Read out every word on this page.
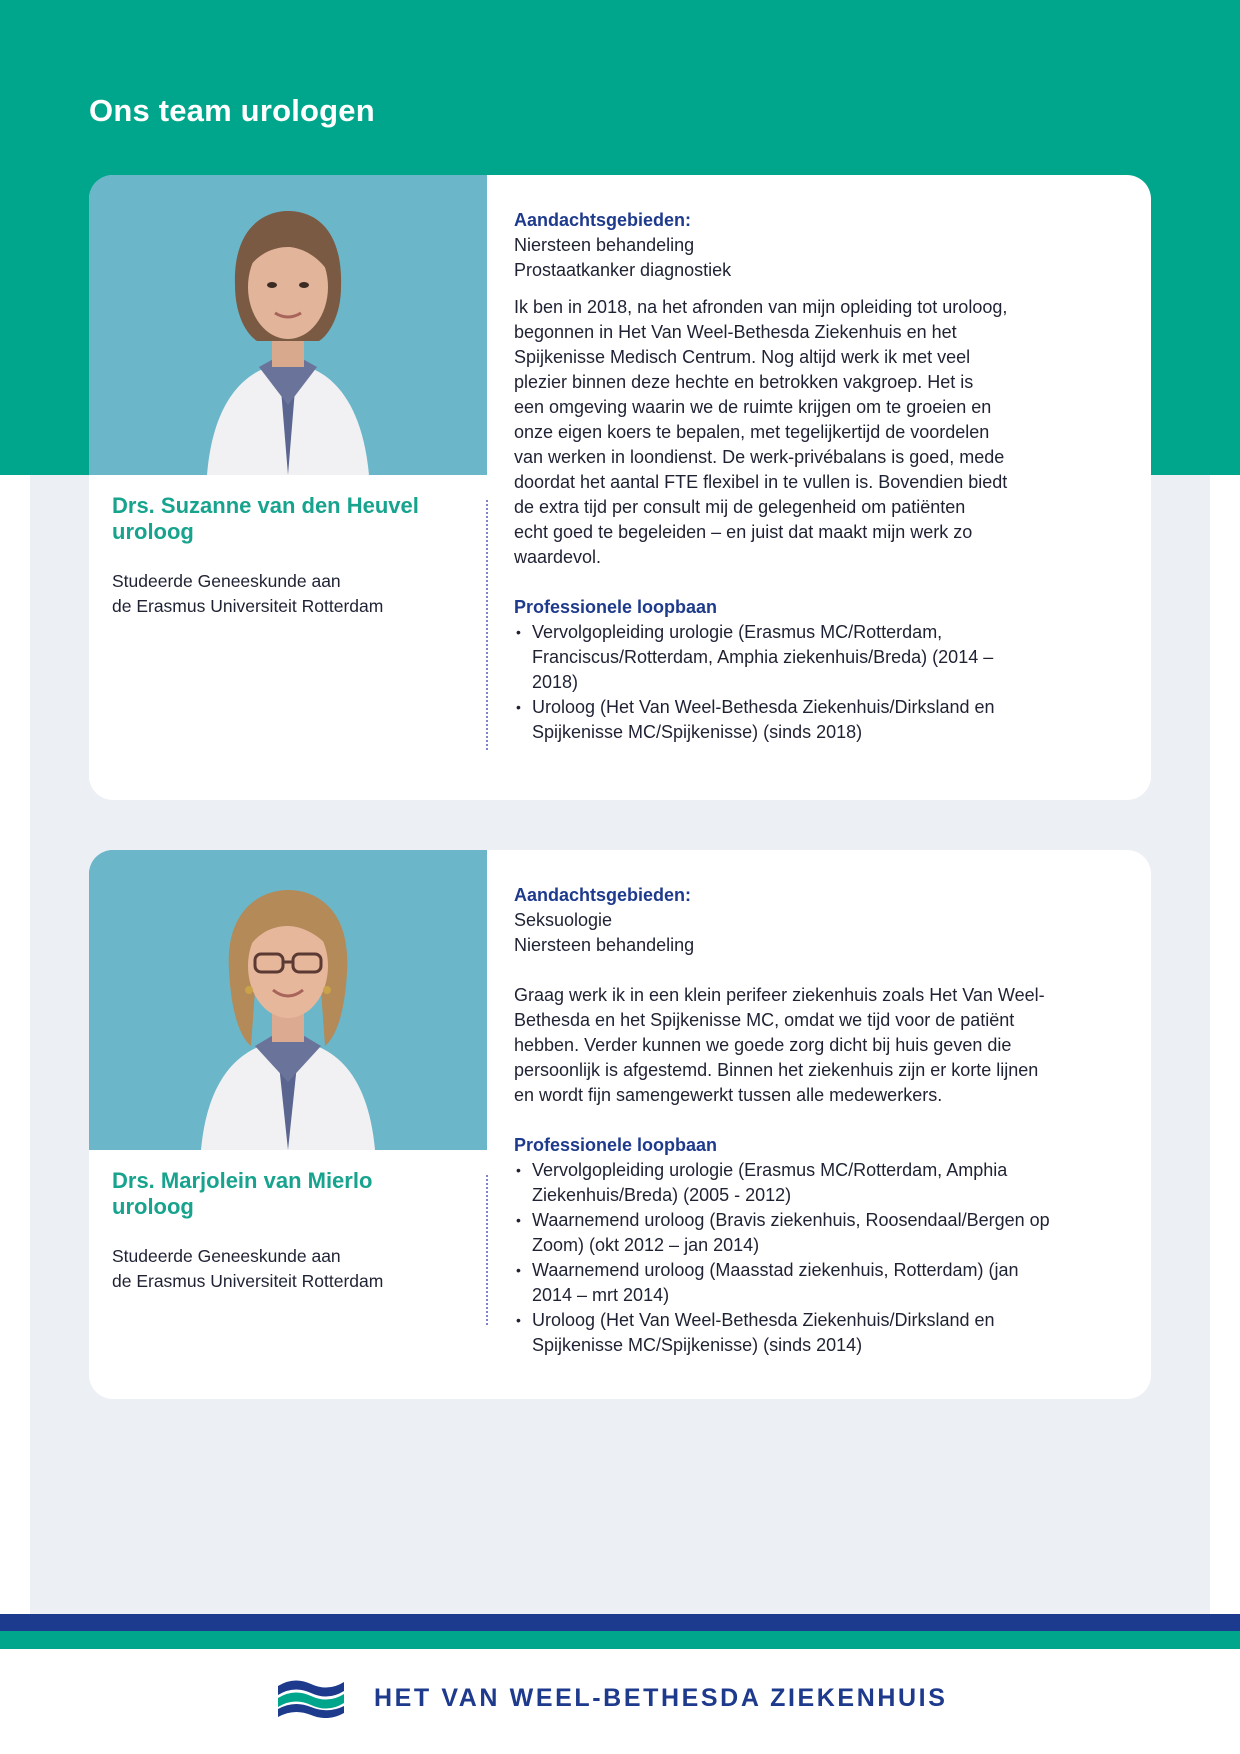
Ons team urologen

Drs. Suzanne van den Heuvel

uroloog

Studeerde Geneeskunde aan
de Erasmus Universiteit Rotterdam

Aandachtsgebieden:

Niersteen behandeling
Prostaatkanker diagnostiek
Ik ben in 2018, na het afronden van mijn opleiding tot uroloog,
begonnen in Het Van Weel-Bethesda Ziekenhuis en het
Spijkenisse Medisch Centrum. Nog altijd werk ik met veel
plezier binnen deze hechte en betrokken vakgroep. Het is
een omgeving waarin we de ruimte krijgen om te groeien en
onze eigen koers te bepalen, met tegelijkertijd de voordelen
van werken in loondienst. De werk-privébalans is goed, mede
doordat het aantal FTE flexibel in te vullen is. Bovendien biedt
de extra tijd per consult mij de gelegenheid om patiënten
echt goed te begeleiden – en juist dat maakt mijn werk zo
waardevol.

Professionele loopbaan

• Vervolgopleiding urologie (Erasmus MC/Rotterdam,
Franciscus/Rotterdam, Amphia ziekenhuis/Breda) (2014 –
2018)
• Uroloog (Het Van Weel-Bethesda Ziekenhuis/Dirksland en
Spijkenisse MC/Spijkenisse) (sinds 2018)

Drs. Marjolein van Mierlo

uroloog

Studeerde Geneeskunde aan
de Erasmus Universiteit Rotterdam

Aandachtsgebieden:

Seksuologie
Niersteen behandeling
Graag werk ik in een klein perifeer ziekenhuis zoals Het Van Weel-
Bethesda en het Spijkenisse MC, omdat we tijd voor de patiënt
hebben. Verder kunnen we goede zorg dicht bij huis geven die
persoonlijk is afgestemd. Binnen het ziekenhuis zijn er korte lijnen
en wordt fijn samengewerkt tussen alle medewerkers.

Professionele loopbaan

• Vervolgopleiding urologie (Erasmus MC/Rotterdam, Amphia
Ziekenhuis/Breda) (2005 - 2012)
• Waarnemend uroloog (Bravis ziekenhuis, Roosendaal/Bergen op
Zoom) (okt 2012 – jan 2014)
• Waarnemend uroloog (Maasstad ziekenhuis, Rotterdam) (jan
2014 – mrt 2014)
• Uroloog (Het Van Weel-Bethesda Ziekenhuis/Dirksland en
Spijkenisse MC/Spijkenisse) (sinds 2014)

HET VAN WEEL-BETHESDA ZIEKENHUIS
